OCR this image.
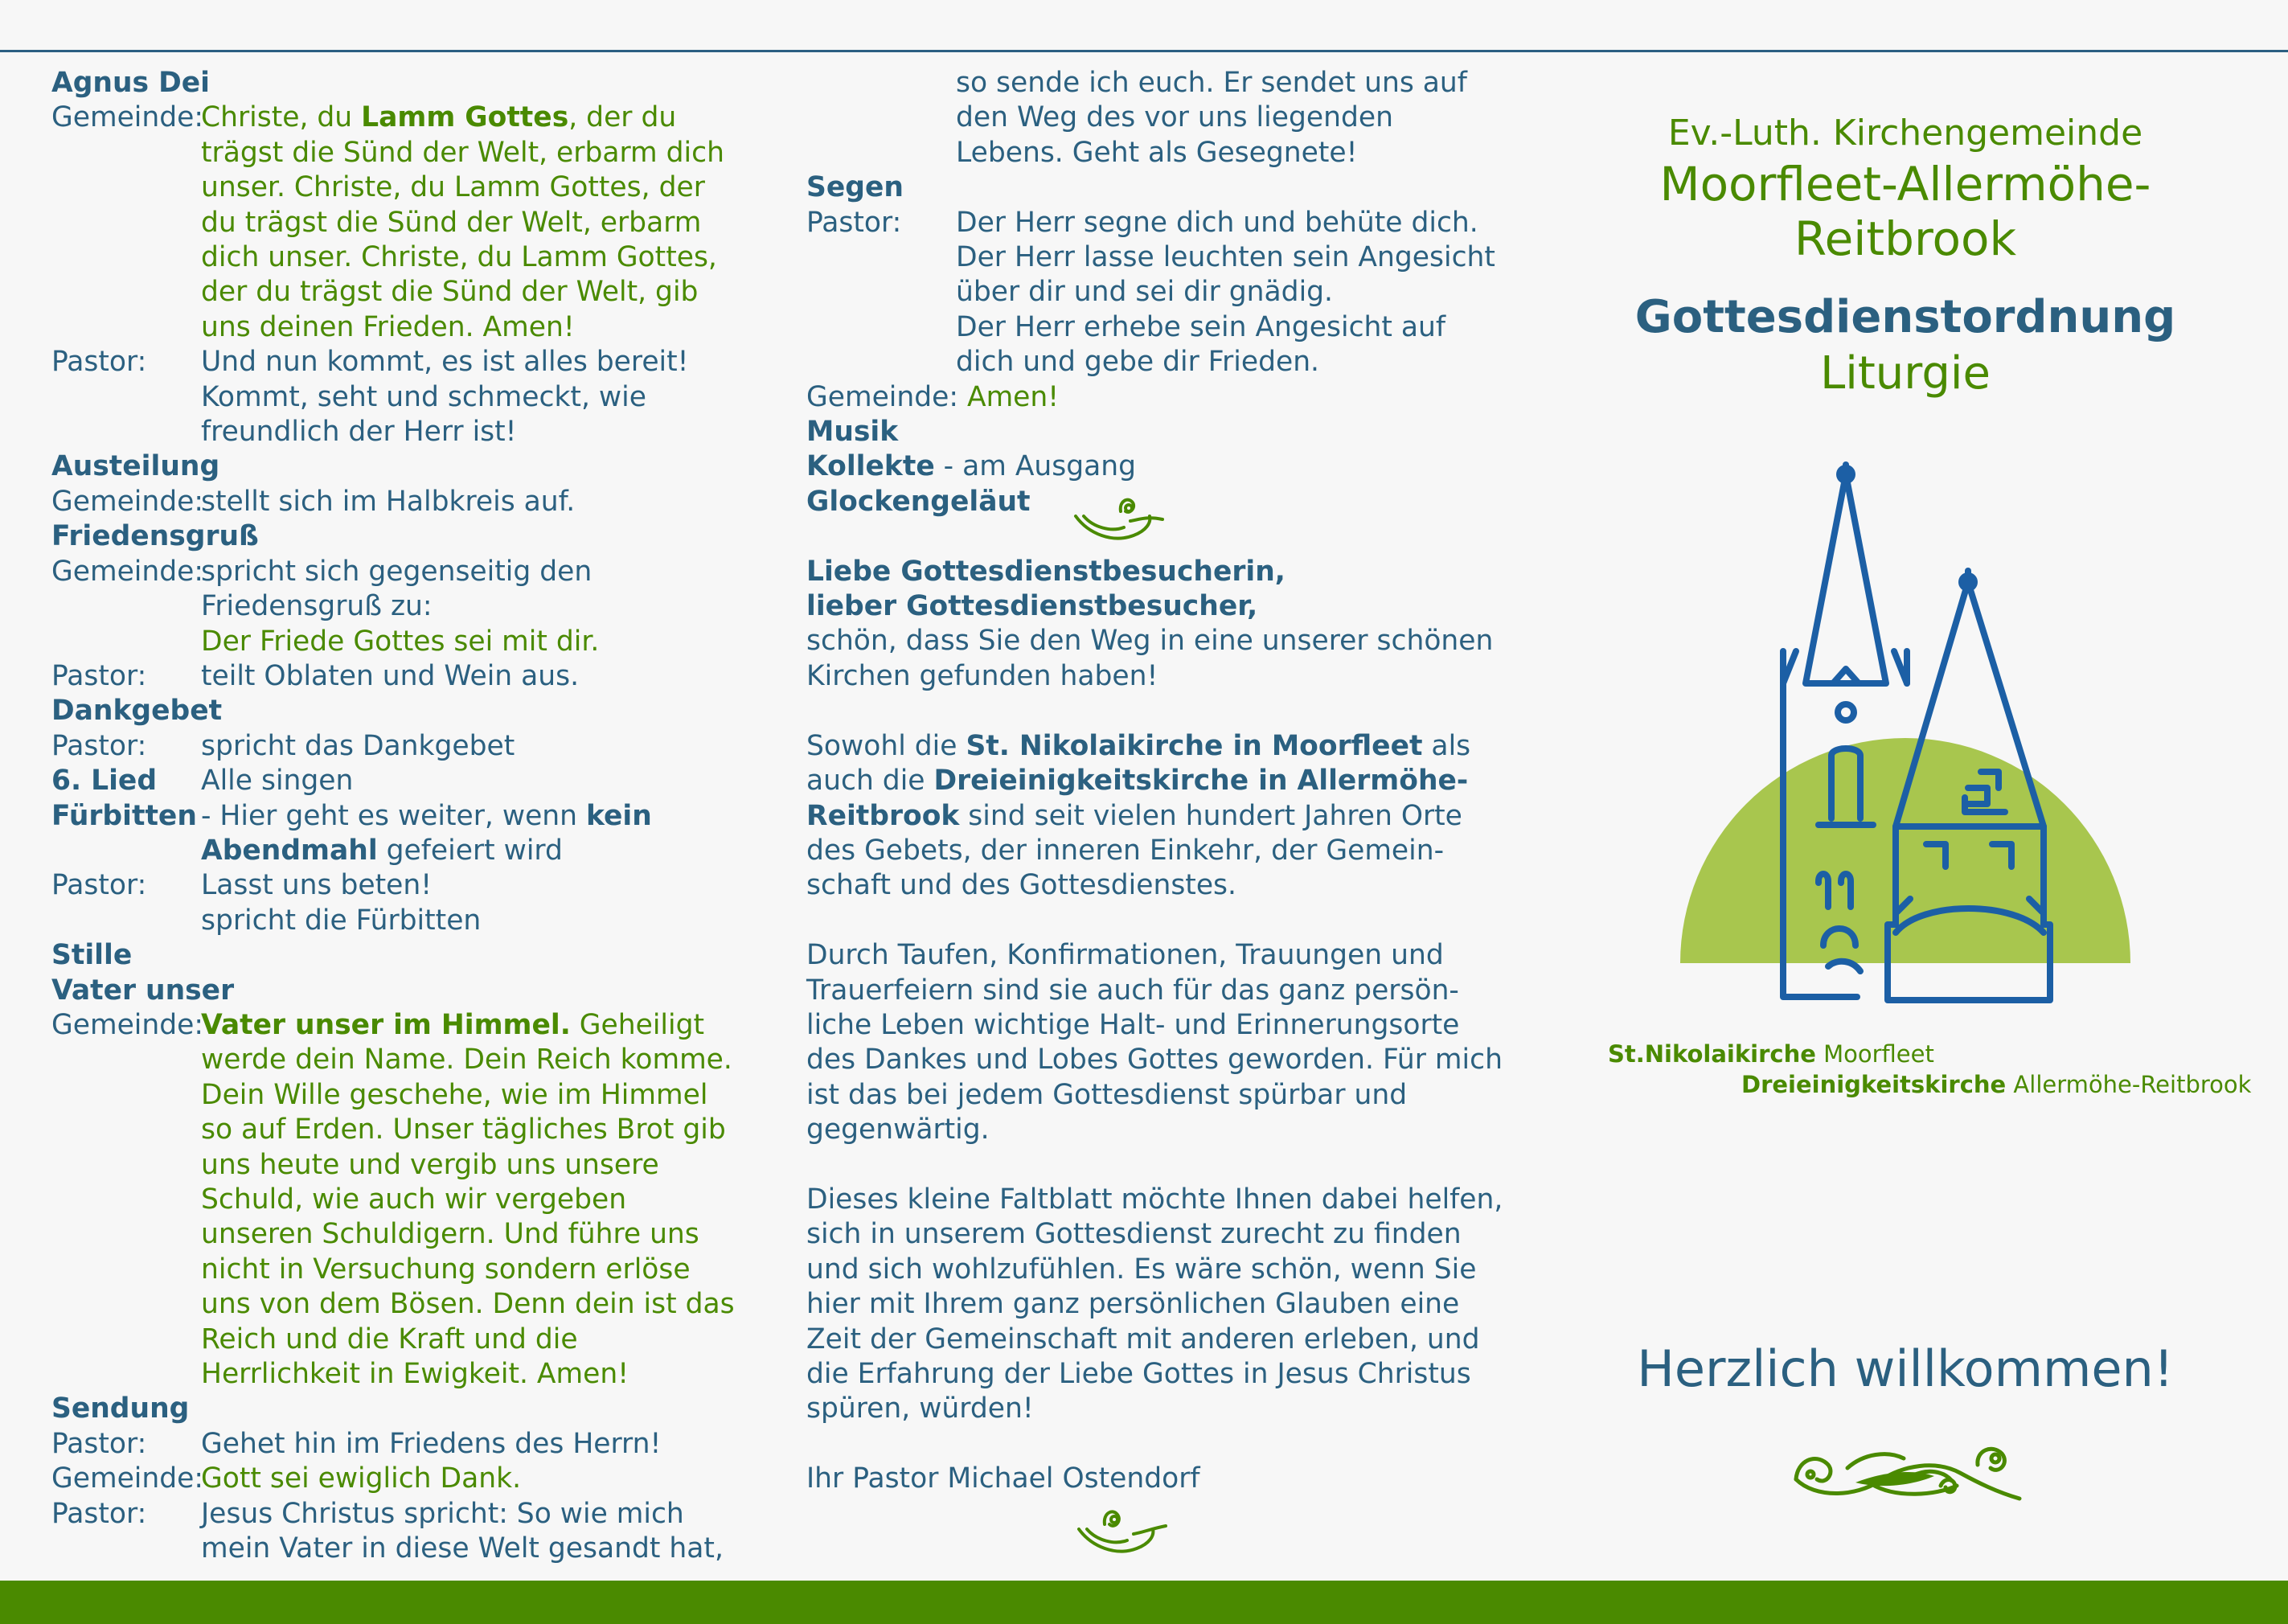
Agnus Dei
Gemeinde:
Christe, du Lamm Gottes, der du
trägst die Sünd der Welt, erbarm dich
unser. Christe, du Lamm Gottes, der
du trägst die Sünd der Welt, erbarm
dich unser. Christe, du Lamm Gottes,
der du trägst die Sünd der Welt, gib
uns deinen Frieden. Amen!
Pastor:	Und nun kommt, es ist alles bereit!
Kommt, seht und schmeckt, wie
freundlich der Herr ist!
Austeilung
Gemeinde:
stellt sich im Halbkreis auf.
Friedensgruß
Gemeinde:
spricht sich gegenseitig den
Friedensgruß zu:
Der Friede Gottes sei mit dir.
Pastor:	teilt Oblaten und Wein aus.
Dankgebet
Pastor:	spricht das Dankgebet
6. Lied	Alle singen
Fürbitten - Hier geht es weiter, wenn kein
Abendmahl gefeiert wird
Pastor:	Lasst uns beten!
spricht die Fürbitten
Stille
Vater unser
Gemeinde:
Vater unser im Himmel. Geheiligt
werde dein Name. Dein Reich komme.
Dein Wille geschehe, wie im Himmel
so auf Erden. Unser tägliches Brot gib
uns heute und vergib uns unsere
Schuld, wie auch wir vergeben
unseren Schuldigern. Und führe uns
nicht in Versuchung sondern erlöse
uns von dem Bösen. Denn dein ist das
Reich und die Kraft und die
Herrlichkeit in Ewigkeit. Amen!
Sendung
Pastor:	Gehet hin im Friedens des Herrn!
Gemeinde:
Gott sei ewiglich Dank.
Pastor:	Jesus Christus spricht: So wie mich
mein Vater in diese Welt gesandt hat,
so sende ich euch. Er sendet uns auf
den Weg des vor uns liegenden
Lebens. Geht als Gesegnete!
Segen
Pastor:	Der Herr segne dich und behüte dich.
Der Herr lasse leuchten sein Angesicht
über dir und sei dir gnädig.
Der Herr erhebe sein Angesicht auf
dich und gebe dir Frieden.
Gemeinde: Amen!
Musik
Kollekte - am Ausgang
Glockengeläut
Liebe Gottesdienstbesucherin,
lieber Gottesdienstbesucher,
schön, dass Sie den Weg in eine unserer schönen
Kirchen gefunden haben!
Sowohl die St. Nikolaikirche in Moorfleet als
auch die Dreieinigkeitskirche in Allermöhe-
Reitbrook sind seit vielen hundert Jahren Orte
des Gebets, der inneren Einkehr, der Gemein-
schaft und des Gottesdienstes.
Durch Taufen, Konfirmationen, Trauungen und
Trauerfeiern sind sie auch für das ganz persön-
liche Leben wichtige Halt- und Erinnerungsorte
des Dankes und Lobes Gottes geworden. Für mich
ist das bei jedem Gottesdienst spürbar und
gegenwärtig.
Dieses kleine Faltblatt möchte Ihnen dabei helfen,
sich in unserem Gottesdienst zurecht zu finden
und sich wohlzufühlen. Es wäre schön, wenn Sie
hier mit Ihrem ganz persönlichen Glauben eine
Zeit der Gemeinschaft mit anderen erleben, und
die Erfahrung der Liebe Gottes in Jesus Christus
spüren, würden!
Ihr Pastor Michael Ostendorf
Ev.-Luth. Kirchengemeinde
Moorfleet-Allermöhe-Reitbrook
Gottesdienstordnung
Liturgie
St.Nikolaikirche Moorfleet
Dreieinigkeitskirche Allermöhe-Reitbrook
Herzlich willkommen!
